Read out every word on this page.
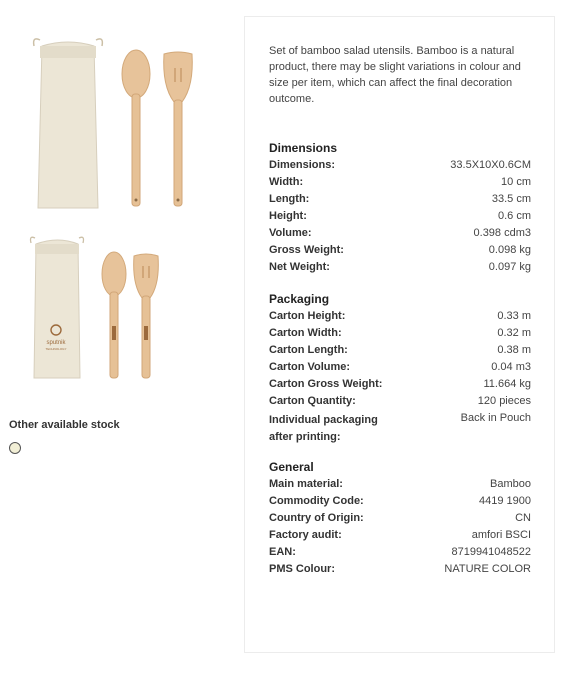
sputnik
TECHNOLOGY
Other available stock
Set of bamboo salad utensils. Bamboo is a natural product, there may be slight variations in colour and size per item, which can affect the final decoration outcome.
Dimensions
Dimensions:	33.5X10X0.6CM
Width:	10 cm
Length:	33.5 cm
Height:	0.6 cm
Volume:	0.398 cdm3
Gross Weight:	0.098 kg
Net Weight:	0.097 kg
Packaging
Carton Height:	0.33 m
Carton Width:	0.32 m
Carton Length:	0.38 m
Carton Volume:	0.04 m3
Carton Gross Weight:	11.664 kg
Carton Quantity:	120 pieces
Individual packaging after printing:
Back in Pouch
General
Main material:	Bamboo
Commodity Code:	4419 1900
Country of Origin:	CN
Factory audit:	amfori BSCI
EAN:	8719941048522
PMS Colour:	NATURE COLOR
